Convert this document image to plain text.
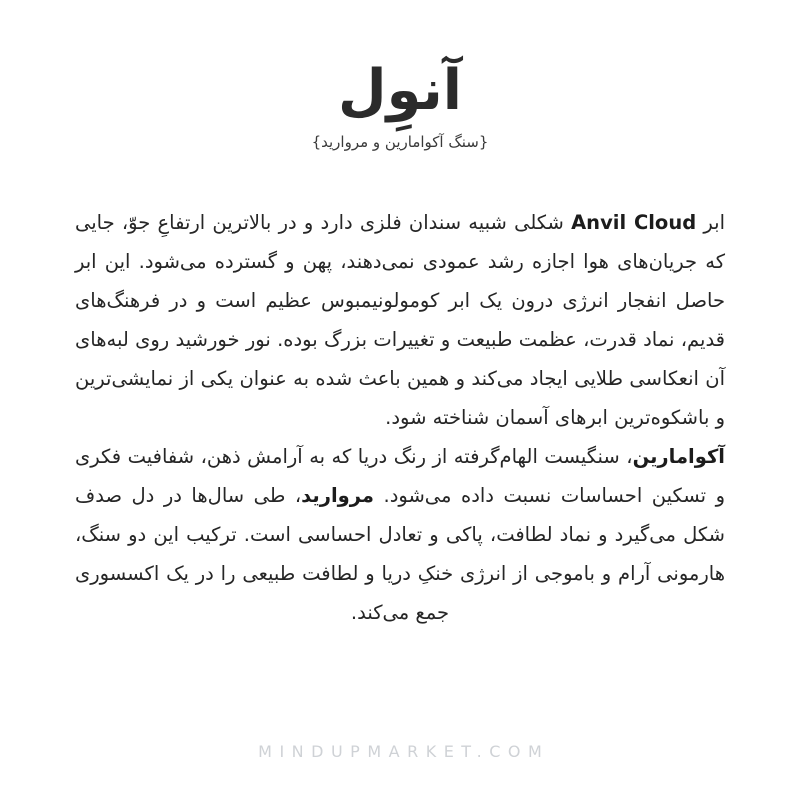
آنوِل
{سنگ آکوامارین و مروارید}

ابر Anvil Cloud شکلی شبیه سندان فلزی دارد و در بالاترین ارتفاعِ جوّ، جایی که جریان‌های هوا اجازه رشد عمودی نمی‌دهند، پهن و گسترده می‌شود. این ابر حاصل انفجار انرژی درون یک ابر کومولونیمبوس عظیم است و در فرهنگ‌های قدیم، نماد قدرت، عظمت طبیعت و تغییرات بزرگ بوده. نور خورشید روی لبه‌های آن انعکاسی طلایی ایجاد می‌کند و همین باعث شده به عنوان یکی از نمایشی‌ترین و باشکوه‌ترین ابرهای آسمان شناخته شود.

آکوامارین، سنگیست الهام‌گرفته از رنگ دریا که به آرامش ذهن، شفافیت فکری و تسکین احساسات نسبت داده می‌شود. مروارید، طی سال‌ها در دل صدف شکل می‌گیرد و نماد لطافت، پاکی و تعادل احساسی است. ترکیب این دو سنگ، هارمونی آرام و باموجی از انرژی خنکِ دریا و لطافت طبیعی را در یک اکسسوری جمع می‌کند.

MINDUPMARKET.COM
